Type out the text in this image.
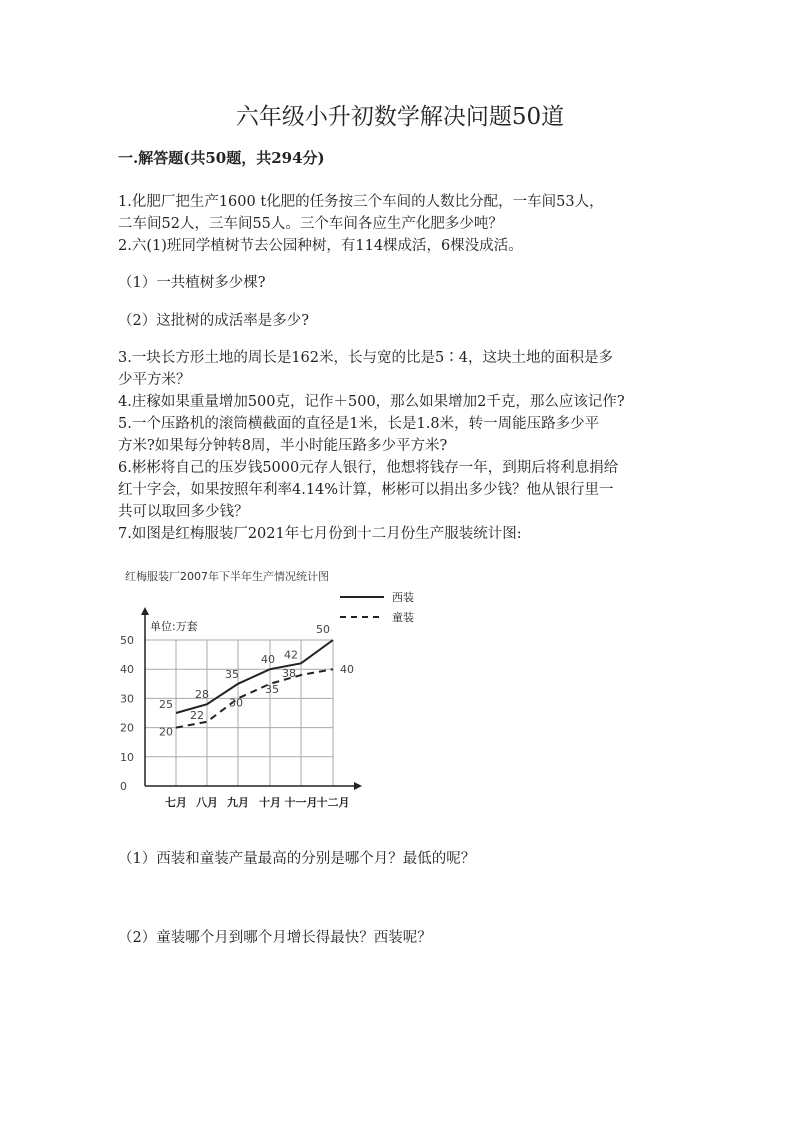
六年级小升初数学解决问题50道
一.解答题(共50题，共294分)
1.化肥厂把生产1600 t化肥的任务按三个车间的人数比分配，一车间53人，
二车间52人，三车间55人。三个车间各应生产化肥多少吨？
2.六(1)班同学植树节去公园种树，有114棵成活，6棵没成活。
（1）一共植树多少棵?
（2）这批树的成活率是多少?
3.一块长方形土地的周长是162米，长与宽的比是5∶4，这块土地的面积是多
少平方米？
4.庄稼如果重量增加500克，记作＋500，那么如果增加2千克，那么应该记作?
5.一个压路机的滚筒横截面的直径是1米，长是1.8米，转一周能压路多少平
方米?如果每分钟转8周，半小时能压路多少平方米?
6.彬彬将自己的压岁钱5000元存人银行，他想将钱存一年，到期后将利息捐给
红十字会，如果按照年利率4.14%计算，彬彬可以捐出多少钱？他从银行里一
共可以取回多少钱？
7.如图是红梅服装厂2021年七月份到十二月份生产服装统计图:
（1）西装和童装产量最高的分别是哪个月？最低的呢？
（2）童装哪个月到哪个月增长得最快？西装呢？
红梅服装厂2007年下半年生产情况统计图
0
10
20
30
40
50
七月 八月 九月 十月 十一月 十二月
单位:万套
25
28
35
40 42
50
西装
20
22
30
35
38	40
童装
